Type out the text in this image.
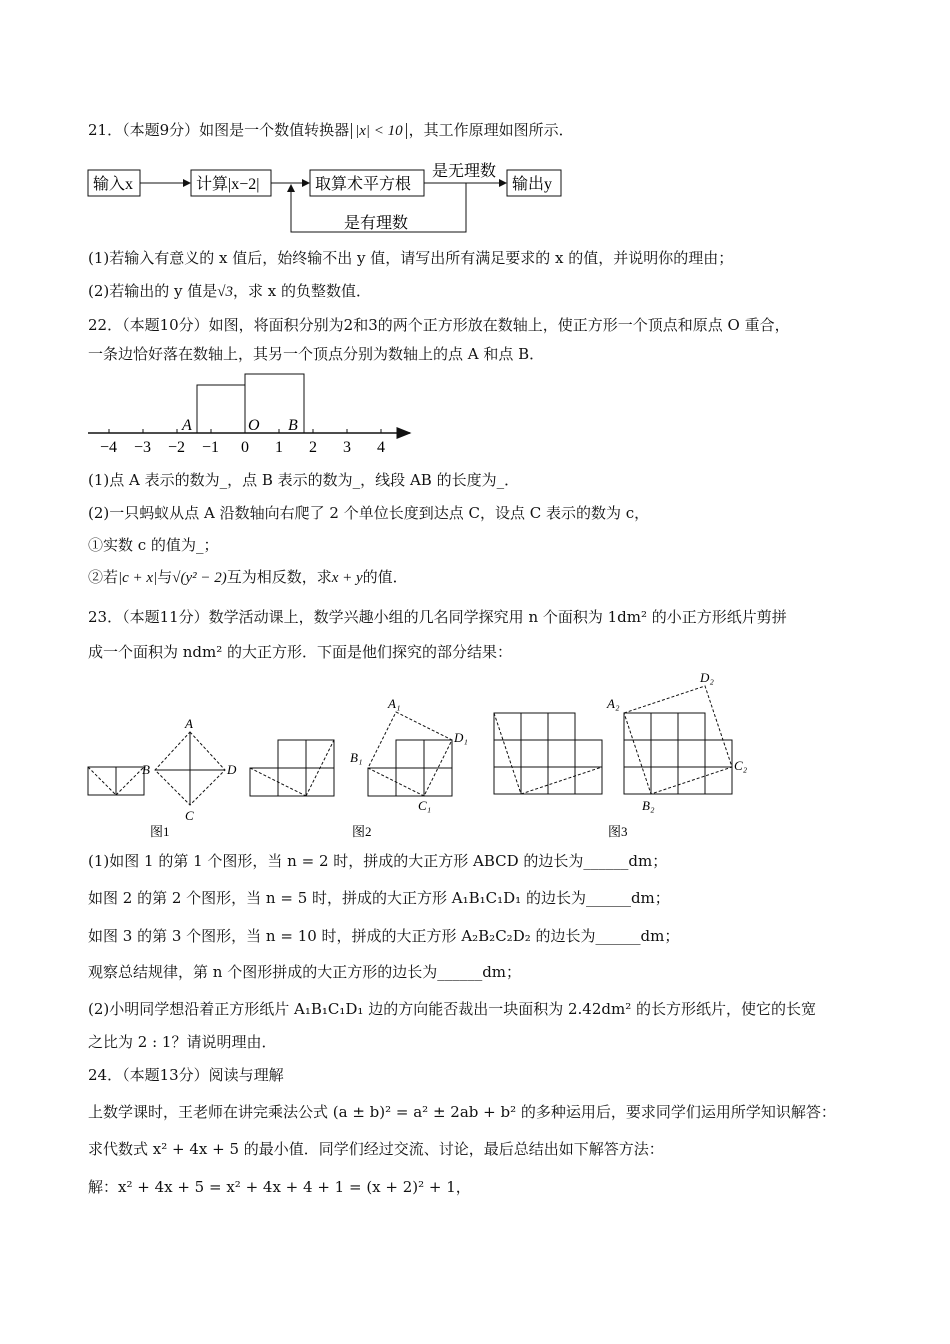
21．（本题9分）如图是一个数值转换器 |x| < 10 ，其工作原理如图所示．
输入x	计算|x−2|	取算术平方根
是无理数
输出y
是有理数
(1)若输入有意义的 x 值后，始终输不出 y 值，请写出所有满足要求的 x 的值，并说明你的理由；
(2)若输出的 y 值是√3，求 x 的负整数值．
22．（本题10分）如图，将面积分别为2和3的两个正方形放在数轴上，使正方形一个顶点和原点 O 重合，
一条边恰好落在数轴上，其另一个顶点分别为数轴上的点 A 和点 B．
−4 −3 −2 −1 0 1 2 3 4
A	O B
(1)点 A 表示的数为_，点 B 表示的数为_，线段 AB 的长度为_．
(2)一只蚂蚁从点 A 沿数轴向右爬了 2 个单位长度到达点 C，设点 C 表示的数为 c，
①实数 c 的值为_；
②若|c + x|与√(y² − 2)互为相反数，求x + y的值．
23．（本题11分）数学活动课上，数学兴趣小组的几名同学探究用 n 个面积为 1dm² 的小正方形纸片剪拼
成一个面积为 ndm² 的大正方形．下面是他们探究的部分结果：
A
B
C
D
图1	图2
A₁
B₁
C₁
D₁
图3
A₂
B₂
C₂
D₂
(1)如图 1 的第 1 个图形，当 n = 2 时，拼成的大正方形 ABCD 的边长为______dm；
如图 2 的第 2 个图形，当 n = 5 时，拼成的大正方形 A₁B₁C₁D₁ 的边长为______dm；
如图 3 的第 3 个图形，当 n = 10 时，拼成的大正方形 A₂B₂C₂D₂ 的边长为______dm；
观察总结规律，第 n 个图形拼成的大正方形的边长为______dm；
(2)小明同学想沿着正方形纸片 A₁B₁C₁D₁ 边的方向能否裁出一块面积为 2.42dm² 的长方形纸片，使它的长宽
之比为 2 : 1？请说明理由．
24．（本题13分）阅读与理解
上数学课时，王老师在讲完乘法公式 (a ± b)² = a² ± 2ab + b² 的多种运用后，要求同学们运用所学知识解答：
求代数式 x² + 4x + 5 的最小值．同学们经过交流、讨论，最后总结出如下解答方法：
解：x² + 4x + 5 = x² + 4x + 4 + 1 = (x + 2)² + 1，
